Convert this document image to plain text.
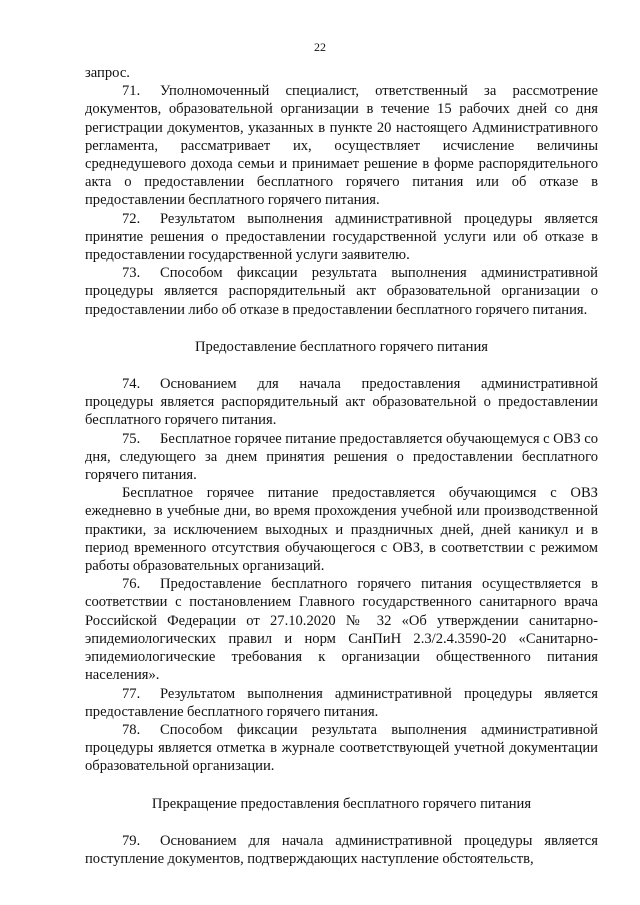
22

запрос.

71. Уполномоченный специалист, ответственный за рассмотрение документов, образовательной организации в течение 15 рабочих дней со дня регистрации документов, указанных в пункте 20 настоящего Административного регламента, рассматривает их, осуществляет исчисление величины среднедушевого дохода семьи и принимает решение в форме распорядительного акта о предоставлении бесплатного горячего питания или об отказе в предоставлении бесплатного горячего питания.

72. Результатом выполнения административной процедуры является принятие решения о предоставлении государственной услуги или об отказе в предоставлении государственной услуги заявителю.

73. Способом фиксации результата выполнения административной процедуры является распорядительный акт образовательной организации о предоставлении либо об отказе в предоставлении бесплатного горячего питания.

Предоставление бесплатного горячего питания

74. Основанием для начала предоставления административной процедуры является распорядительный акт образовательной о предоставлении бесплатного горячего питания.

75. Бесплатное горячее питание предоставляется обучающемуся с ОВЗ со дня, следующего за днем принятия решения о предоставлении бесплатного горячего питания.

Бесплатное горячее питание предоставляется обучающимся с ОВЗ ежедневно в учебные дни, во время прохождения учебной или производственной практики, за исключением выходных и праздничных дней, дней каникул и в период временного отсутствия обучающегося с ОВЗ, в соответствии с режимом работы образовательных организаций.

76. Предоставление бесплатного горячего питания осуществляется в соответствии с постановлением Главного государственного санитарного врача Российской Федерации от 27.10.2020 № 32 «Об утверждении санитарно-эпидемиологических правил и норм СанПиН 2.3/2.4.3590-20 «Санитарно-эпидемиологические требования к организации общественного питания населения».

77. Результатом выполнения административной процедуры является предоставление бесплатного горячего питания.

78. Способом фиксации результата выполнения административной процедуры является отметка в журнале соответствующей учетной документации образовательной организации.

Прекращение предоставления бесплатного горячего питания

79. Основанием для начала административной процедуры является поступление документов, подтверждающих наступление обстоятельств,
